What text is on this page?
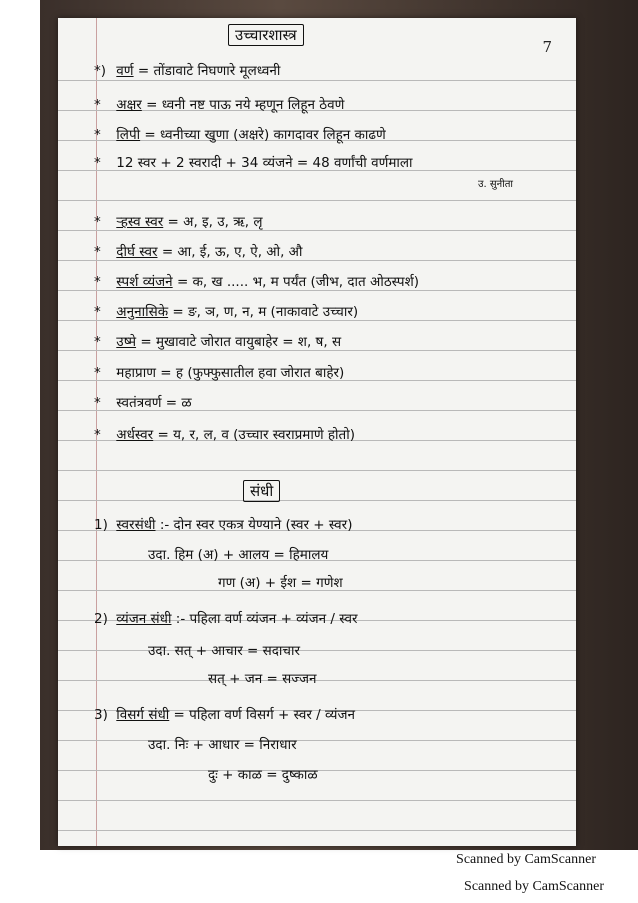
7
उच्चारशास्त्र
*) वर्ण = तोंडावाटे निघणारे मूलध्वनी
* अक्षर = ध्वनी नष्ट पाऊ नये म्हणून लिहून ठेवणे
* लिपी = ध्वनीच्या खुणा (अक्षरे) कागदावर लिहून काढणे
* 12 स्वर + 2 स्वरादी + 34 व्यंजने = 48 वर्णांची वर्णमाला
उ. सुनीता
* ऱ्हस्व स्वर = अ, इ, उ, ऋ, लृ
* दीर्घ स्वर = आ, ई, ऊ, ए, ऐ, ओ, औ
* स्पर्श व्यंजने = क, ख ..... भ, म पर्यंत (जीभ, दात ओठस्पर्श)
* अनुनासिके = ङ, ञ, ण, न, म (नाकावाटे उच्चार)
* उष्मे = मुखावाटे जोरात वायुबाहेर = श, ष, स
* महाप्राण = ह (फुफ्फुसातील हवा जोरात बाहेर)
* स्वतंत्रवर्ण = ळ
* अर्धस्वर = य, र, ल, व (उच्चार स्वराप्रमाणे होतो)
संधी
1) स्वरसंधी :- दोन स्वर एकत्र येण्याने (स्वर + स्वर)
उदा. हिम (अ) + आलय = हिमालय
गण (अ) + ईश = गणेश
2) व्यंजन संधी :- पहिला वर्ण व्यंजन + व्यंजन / स्वर
उदा. सत् + आचार = सदाचार
सत् + जन = सज्जन
3) विसर्ग संधी = पहिला वर्ण विसर्ग + स्वर / व्यंजन
उदा. निः + आधार = निराधार
दुः + काळ = दुष्काळ
Scanned by CamScanner
Scanned by CamScanner
